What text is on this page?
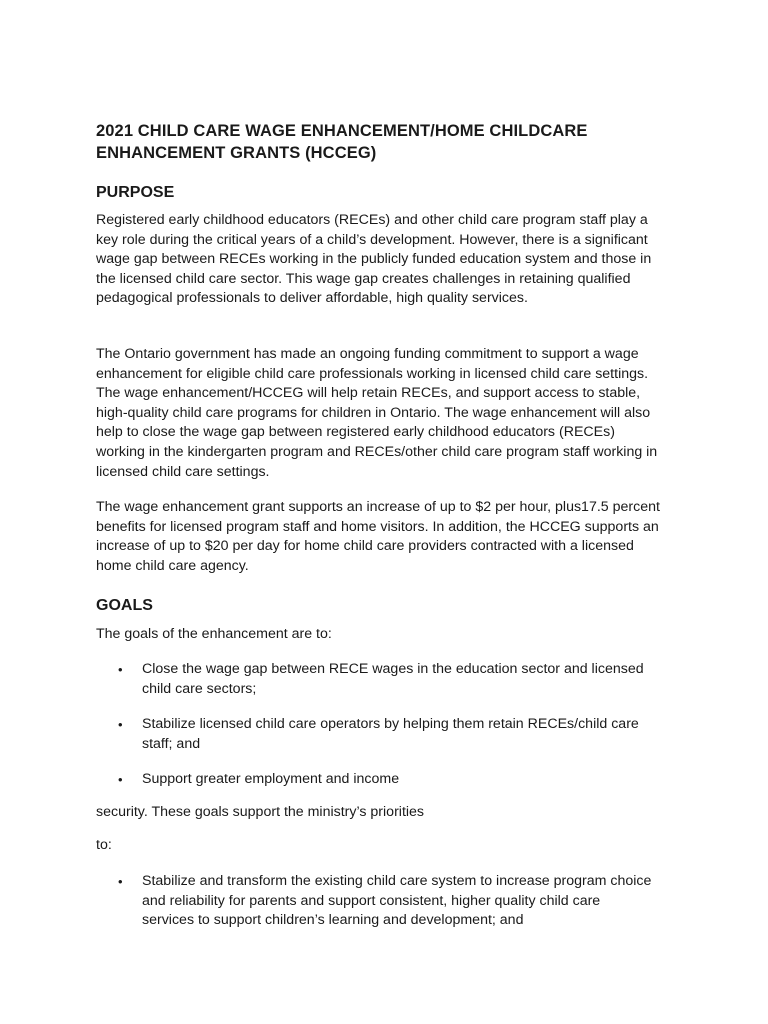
2021 CHILD CARE WAGE ENHANCEMENT/HOME CHILDCARE ENHANCEMENT GRANTS (HCCEG)
PURPOSE

Registered early childhood educators (RECEs) and other child care program staff play a key role during the critical years of a child’s development. However, there is a significant wage gap between RECEs working in the publicly funded education system and those in the licensed child care sector. This wage gap creates challenges in retaining qualified pedagogical professionals to deliver affordable, high quality services.

The Ontario government has made an ongoing funding commitment to support a wage enhancement for eligible child care professionals working in licensed child care settings. The wage enhancement/HCCEG will help retain RECEs, and support access to stable, high-quality child care programs for children in Ontario. The wage enhancement will also help to close the wage gap between registered early childhood educators (RECEs) working in the kindergarten program and RECEs/other child care program staff working in licensed child care settings.

The wage enhancement grant supports an increase of up to $2 per hour, plus17.5 percent benefits for licensed program staff and home visitors. In addition, the HCCEG supports an increase of up to $20 per day for home child care providers contracted with a licensed home child care agency.

GOALS

The goals of the enhancement are to:

•	Close the wage gap between RECE wages in the education sector and licensed child care sectors;
•	Stabilize licensed child care operators by helping them retain RECEs/child care staff; and
•	Support greater employment and income

security. These goals support the ministry’s priorities

to:

•	Stabilize and transform the existing child care system to increase program choice and reliability for parents and support consistent, higher quality child care services to support children’s learning and development; and
